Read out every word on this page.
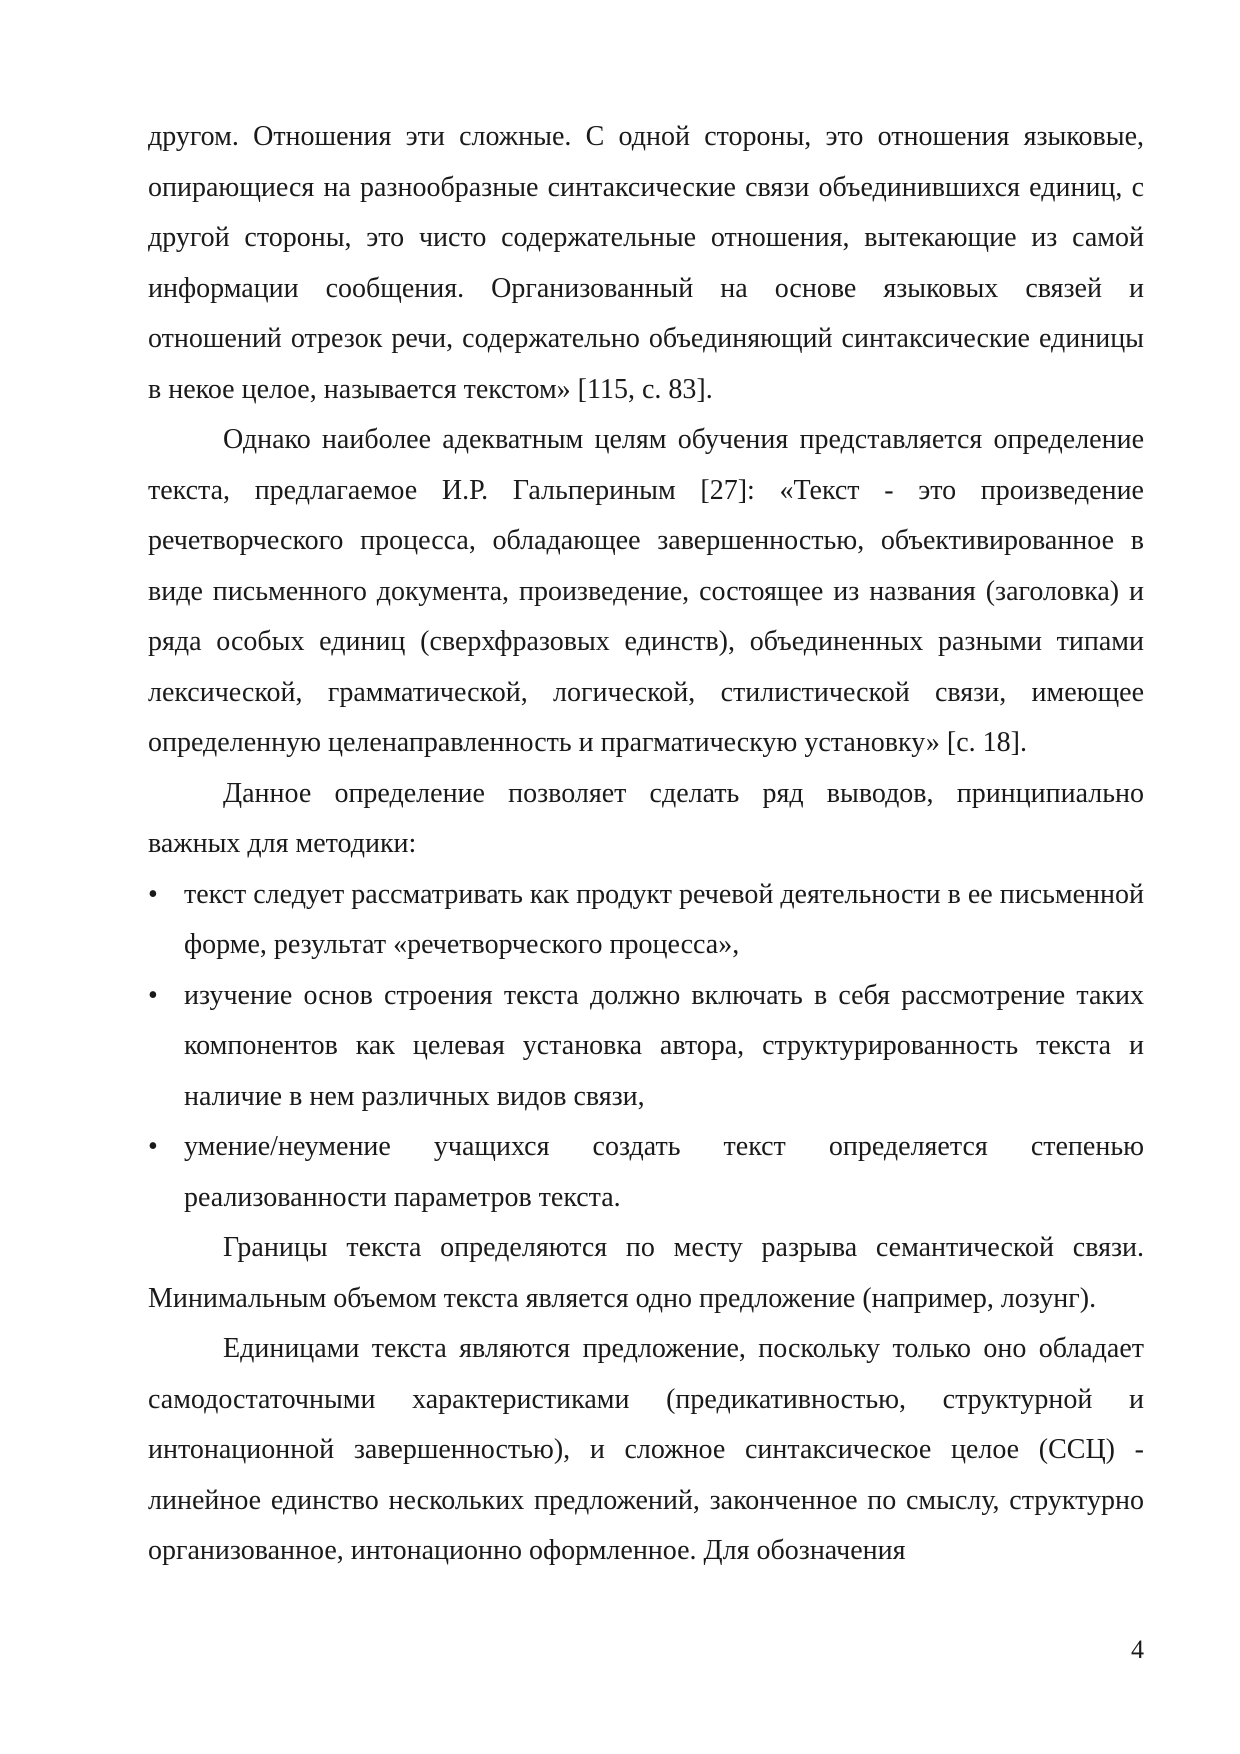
другом. Отношения эти сложные. С одной стороны, это отношения языковые, опирающиеся на разнообразные синтаксические связи объединившихся единиц, с другой стороны, это чисто содержательные отношения, вытекающие из самой информации сообщения. Организованный на основе языковых связей и отношений отрезок речи, содержательно объединяющий синтаксические единицы в некое целое, называется текстом» [115, с. 83].

Однако наиболее адекватным целям обучения представляется определение текста, предлагаемое И.Р. Гальпериным [27]: «Текст - это произведение речетворческого процесса, обладающее завершенностью, объективированное в виде письменного документа, произведение, состоящее из названия (заголовка) и ряда особых единиц (сверхфразовых единств), объединенных разными типами лексической, грамматической, логической, стилистической связи, имеющее определенную целенаправленность и прагматическую установку» [с. 18].

Данное определение позволяет сделать ряд выводов, принципиально важных для методики:

• текст следует рассматривать как продукт речевой деятельности в ее письменной форме, результат «речетворческого процесса»,
• изучение основ строения текста должно включать в себя рассмотрение таких компонентов как целевая установка автора, структурированность текста и наличие в нем различных видов связи,
• умение/неумение учащихся создать текст определяется степенью реализованности параметров текста.

Границы текста определяются по месту разрыва семантической связи. Минимальным объемом текста является одно предложение (например, лозунг).

Единицами текста являются предложение, поскольку только оно обладает самодостаточными характеристиками (предикативностью, структурной и интонационной завершенностью), и сложное синтаксическое целое (ССЦ) - линейное единство нескольких предложений, законченное по смыслу, структурно организованное, интонационно оформленное. Для обозначения

4
